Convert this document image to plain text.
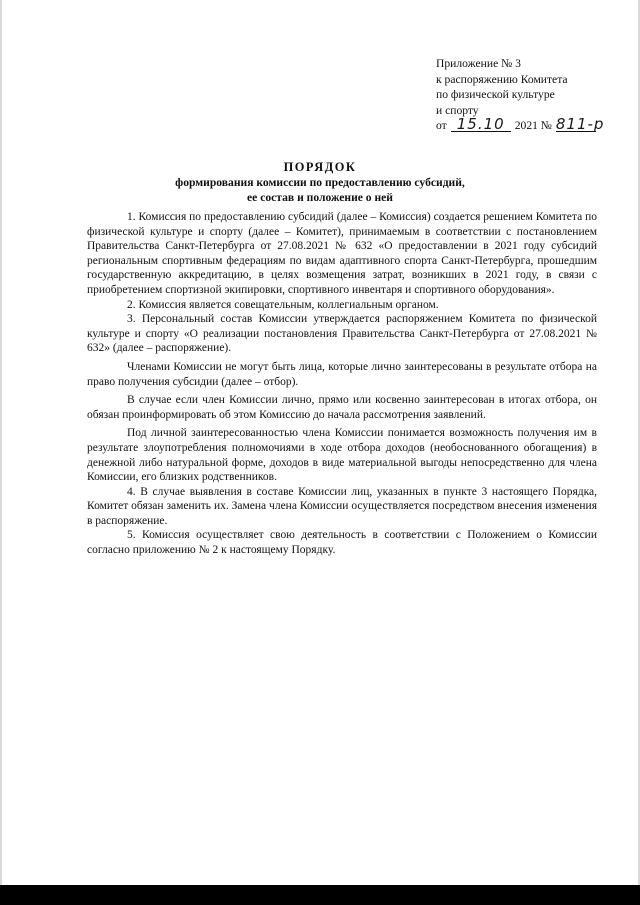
Приложение № 3
к распоряжению Комитета
по физической культуре
и спорту
от 15.10 2021 № 811-р
ПОРЯДОК
формирования комиссии по предоставлению субсидий,
ее состав и положение о ней

1. Комиссия по предоставлению субсидий (далее – Комиссия) создается решением Комитета по физической культуре и спорту (далее – Комитет), принимаемым в соответствии с постановлением Правительства Санкт-Петербурга от 27.08.2021 № 632 «О предоставлении в 2021 году субсидий региональным спортивным федерациям по видам адаптивного спорта Санкт-Петербурга, прошедшим государственную аккредитацию, в целях возмещения затрат, возникших в 2021 году, в связи с приобретением спортизной экипировки, спортивного инвентаря и спортивного оборудования».

2. Комиссия является совещательным, коллегиальным органом.

3. Персональный состав Комиссии утверждается распоряжением Комитета по физической культуре и спорту «О реализации постановления Правительства Санкт-Петербурга от 27.08.2021 № 632» (далее – распоряжение).

Членами Комиссии не могут быть лица, которые лично заинтересованы в результате отбора на право получения субсидии (далее – отбор).

В случае если член Комиссии лично, прямо или косвенно заинтересован в итогах отбора, он обязан проинформировать об этом Комиссию до начала рассмотрения заявлений.

Под личной заинтересованностью члена Комиссии понимается возможность получения им в результате злоупотребления полномочиями в ходе отбора доходов (необоснованного обогащения) в денежной либо натуральной форме, доходов в виде материальной выгоды непосредственно для члена Комиссии, его близких родственников.

4. В случае выявления в составе Комиссии лиц, указанных в пункте 3 настоящего Порядка, Комитет обязан заменить их. Замена члена Комиссии осуществляется посредством внесения изменения в распоряжение.

5. Комиссия осуществляет свою деятельность в соответствии с Положением о Комиссии согласно приложению № 2 к настоящему Порядку.
